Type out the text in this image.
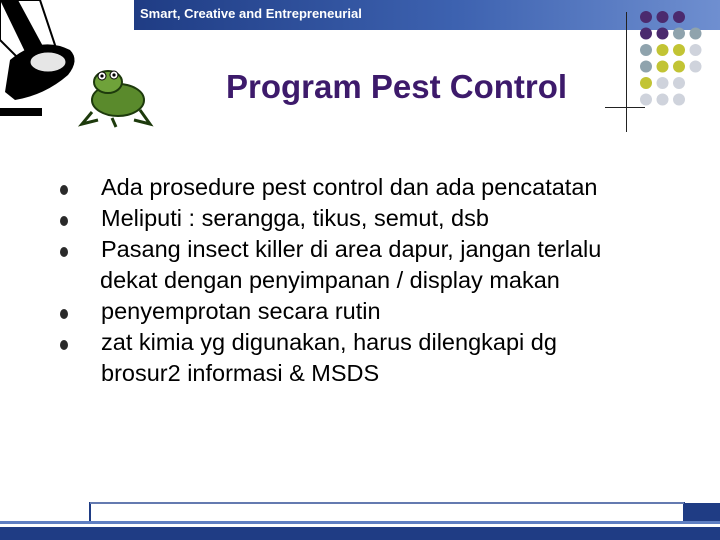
Smart, Creative and Entrepreneurial
Program Pest Control
Ada prosedure pest control dan ada pencatatan
Meliputi : serangga, tikus, semut, dsb
Pasang insect killer di area dapur, jangan terlalu
dekat dengan penyimpanan / display makan
penyemprotan secara rutin
zat kimia yg digunakan, harus dilengkapi dg brosur2 informasi & MSDS
